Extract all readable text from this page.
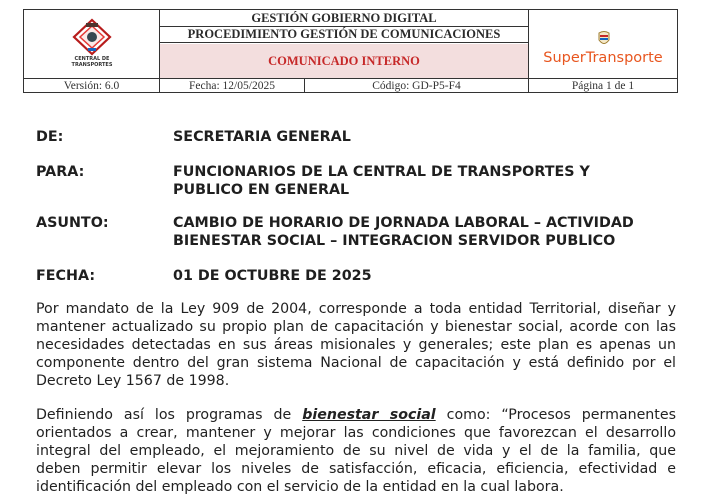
CENTRAL DE
TRANSPORTES
GESTIÓN GOBIERNO DIGITAL
PROCEDIMIENTO GESTIÓN DE COMUNICACIONES
COMUNICADO INTERNO	SuperTransporte
Versión: 6.0	Fecha: 12/05/2025	Código: GD-P5-F4	Página 1 de 1
DE:	SECRETARIA GENERAL
PARA:	FUNCIONARIOS DE LA CENTRAL DE TRANSPORTES Y
PUBLICO EN GENERAL
ASUNTO:	CAMBIO DE HORARIO DE JORNADA LABORAL – ACTIVIDAD
BIENESTAR SOCIAL – INTEGRACION SERVIDOR PUBLICO
FECHA:	01 DE OCTUBRE DE 2025
Por mandato de la Ley 909 de 2004, corresponde a toda entidad Territorial, diseñar y
mantener actualizado su propio plan de capacitación y bienestar social, acorde con las
necesidades detectadas en sus áreas misionales y generales; este plan es apenas un
componente dentro del gran sistema Nacional de capacitación y está definido por el
Decreto Ley 1567 de 1998.
Definiendo así los programas de bienestar social como: “Procesos permanentes
orientados a crear, mantener y mejorar las condiciones que favorezcan el desarrollo
integral del empleado, el mejoramiento de su nivel de vida y el de la familia, que
deben permitir elevar los niveles de satisfacción, eficacia, eficiencia, efectividad e
identificación del empleado con el servicio de la entidad en la cual labora.
